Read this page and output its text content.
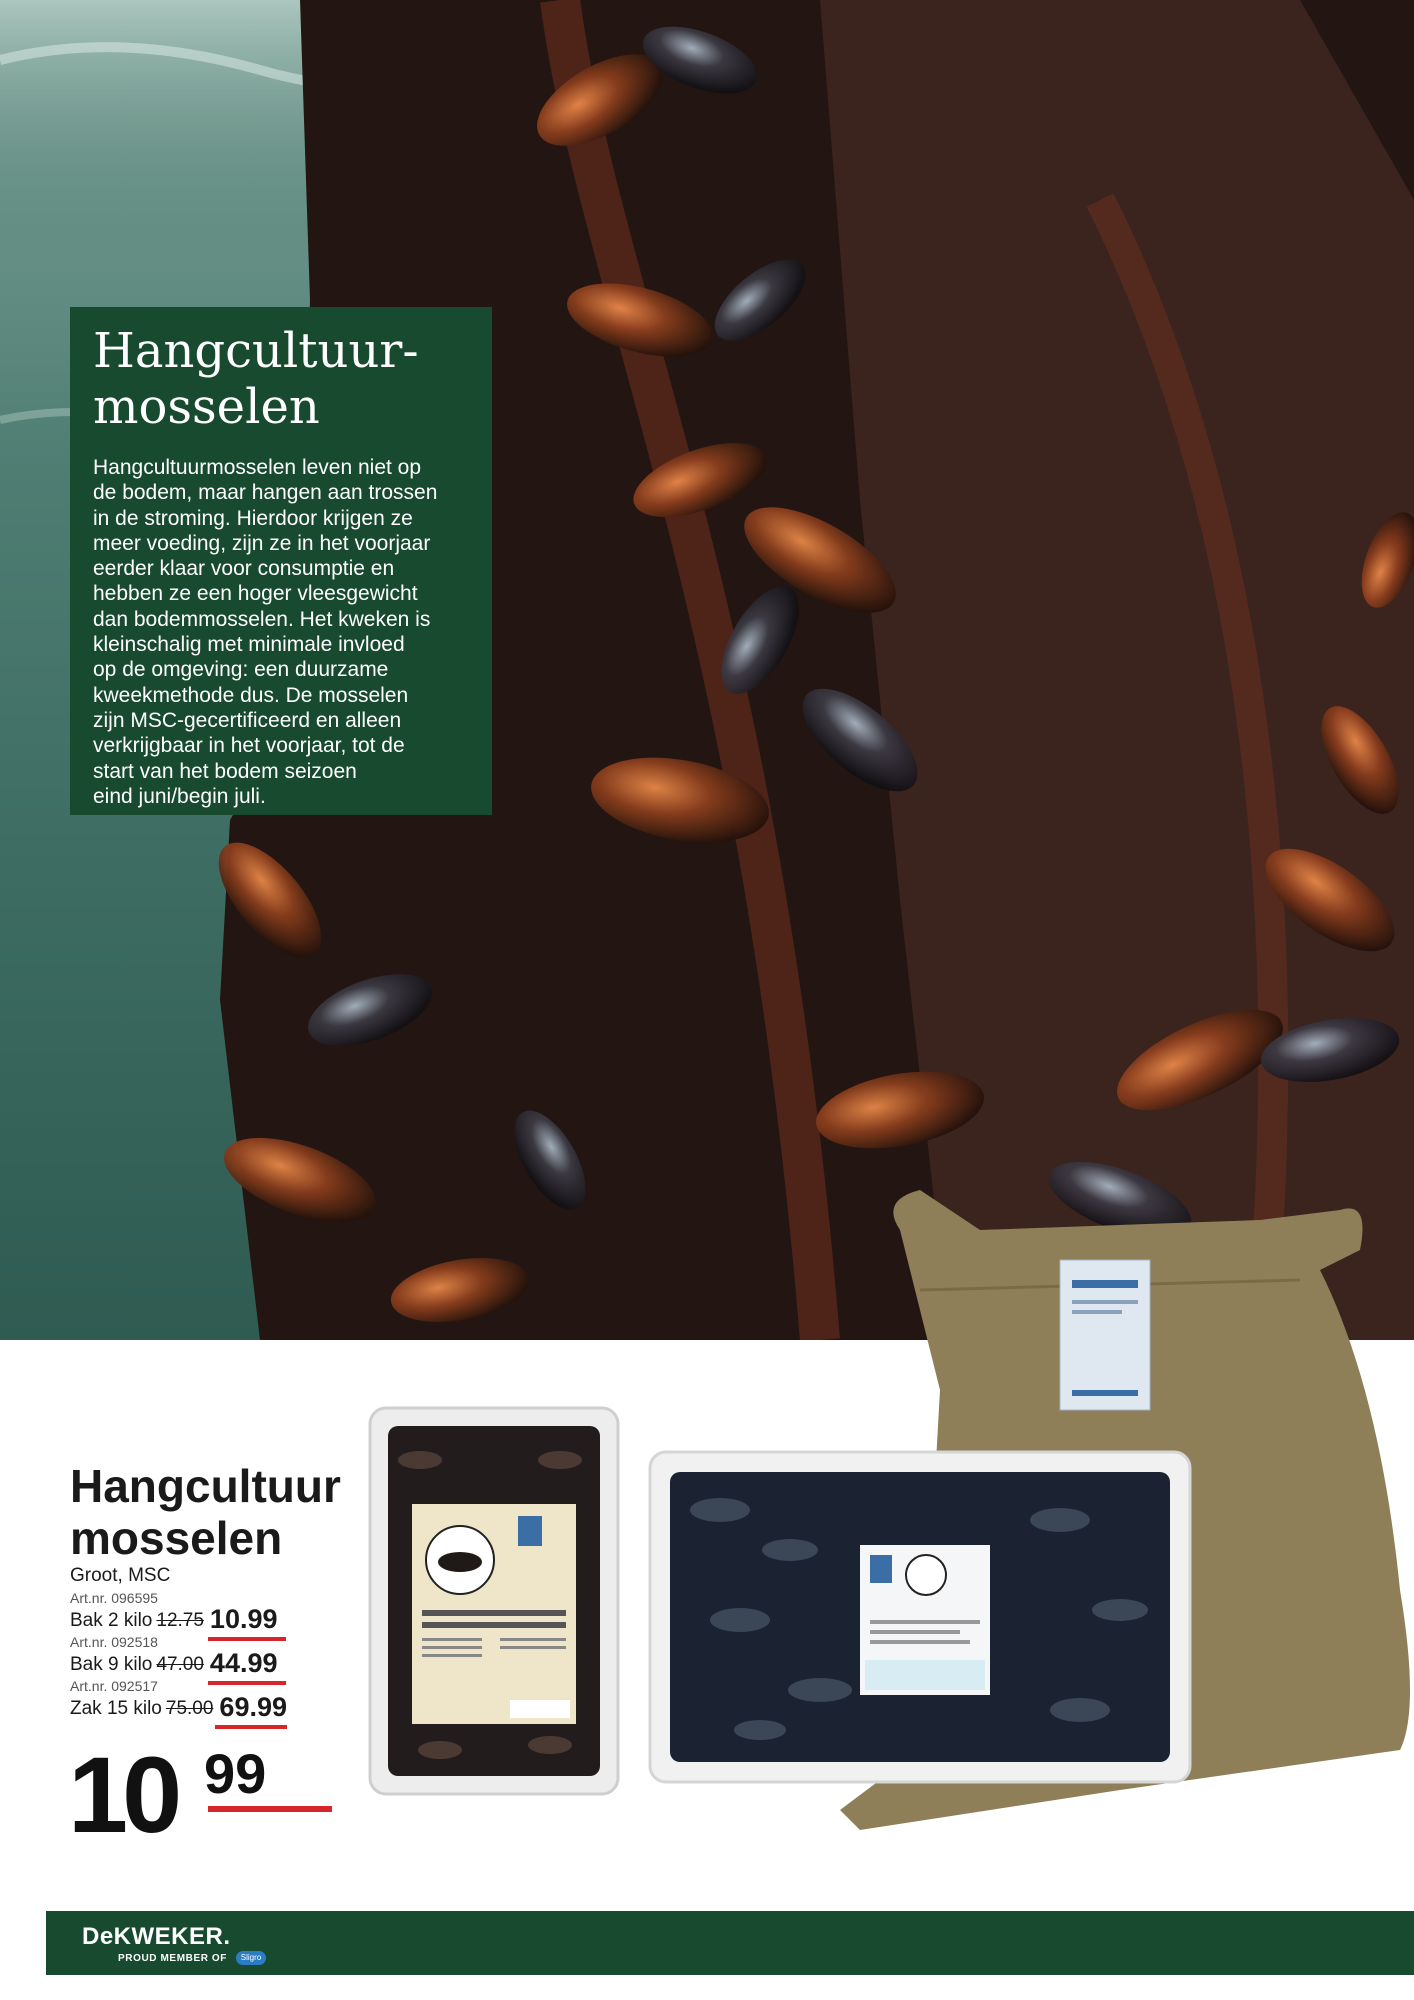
Hangcultuur-
mosselen

Hangcultuurmosselen leven niet op
de bodem, maar hangen aan trossen
in de stroming. Hierdoor krijgen ze
meer voeding, zijn ze in het voorjaar
eerder klaar voor consumptie en
hebben ze een hoger vleesgewicht
dan bodemmosselen. Het kweken is
kleinschalig met minimale invloed
op de omgeving: een duurzame
kweekmethode dus. De mosselen
zijn MSC-gecertificeerd en alleen
verkrijgbaar in het voorjaar, tot de
start van het bodem seizoen
eind juni/begin juli.

Hangcultuur
mosselen
Groot, MSC
Art.nr. 096595
Bak 2 kilo 12.75 10.99
Art.nr. 092518
Bak 9 kilo 47.00 44.99
Art.nr. 092517
Zak 15 kilo 75.00 69.99
10 99
DeKWEKER.
PROUD MEMBER OF	Sligro
